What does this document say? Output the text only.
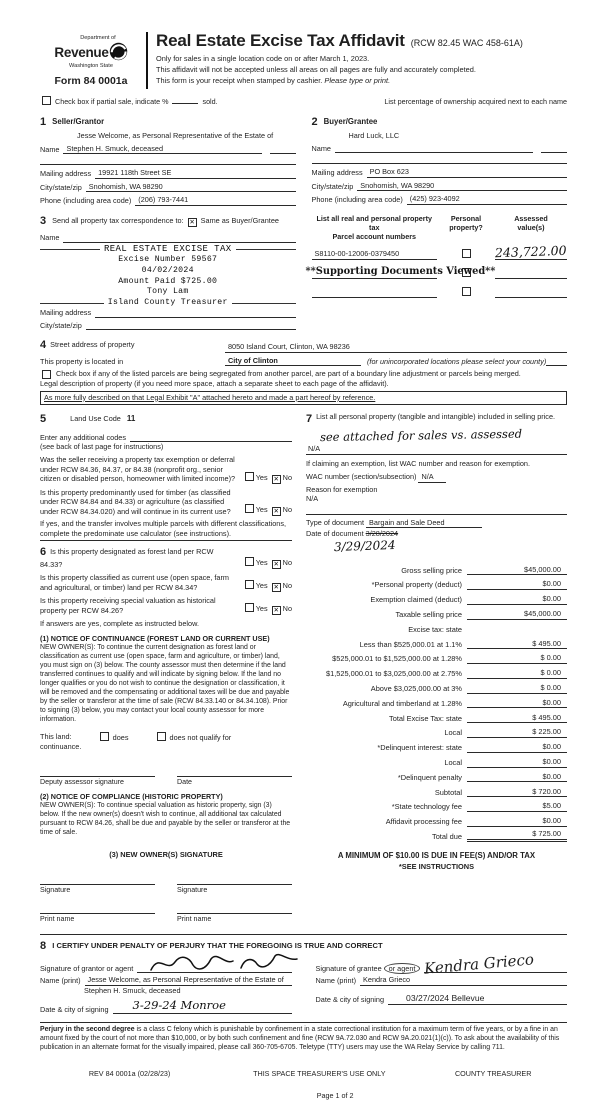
Department of
Revenue
Washington State
Form 84 0001a
Real Estate Excise Tax Affidavit (RCW 82.45 WAC 458-61A)
Only for sales in a single location code on or after March 1, 2023.
This affidavit will not be accepted unless all areas on all pages are fully and accurately completed.
This form is your receipt when stamped by cashier. Please type or print.
Check box if partial sale, indicate %	sold.	List percentage of ownership acquired next to each name
1 Seller/Grantor
Jesse Welcome, as Personal Representative of the Estate of
Name Stephen H. Smuck, deceased
Mailing address 19921 118th Street SE
City/state/zip Snohomish, WA 98290
Phone (including area code) (206) 793-7441
2 Buyer/Grantee
Hard Luck, LLC
Name
Mailing address PO Box 623
City/state/zip Snohomish, WA 98290
Phone (including area code) (425) 923-4092
3 Send all property tax correspondence to: ✕ Same as Buyer/Grantee
Name
REAL ESTATE EXCISE TAX
Excise Number 59567
04/02/2024
Amount Paid $725.00
Tony Lam
Island County Treasurer
Mailing address
City/state/zip
List all real and personal property tax
Parcel account numbers
Personal
property?
Assessed
value(s)
S8110-00-12006-0379450	243,722.00
**Supporting Documents Viewed**
4 Street address of property	8050 Island Court, Clinton, WA 98236
This property is located in	City of Clinton	(for unincorporated locations please select your county)
Check box if any of the listed parcels are being segregated from another parcel, are part of a boundary line adjustment or parcels being merged.
Legal description of property (if you need more space, attach a separate sheet to each page of the affidavit).
As more fully described on that Legal Exhibit "A" attached hereto and made a part hereof by reference.
5	Land Use Code 11
Enter any additional codes
(see back of last page for instructions)
Was the seller receiving a property tax exemption or deferral under RCW 84.36, 84.37, or 84.38 (nonprofit org., senior citizen or disabled person, homeowner with limited income)?	Yes ✕ No
Is this property predominantly used for timber (as classified under RCW 84.84 and 84.33) or agriculture (as classified under RCW 84.34.020) and will continue in its current use?	Yes ✕ No
If yes, and the transfer involves multiple parcels with different classifications, complete the predominate use calculator (see instructions).
6 Is this property designated as forest land per RCW 84.33?	Yes ✕ No
Is this property classified as current use (open space, farm and agricultural, or timber) land per RCW 84.34?	Yes ✕ No
Is this property receiving special valuation as historical property per RCW 84.26?	Yes ✕ No
If answers are yes, complete as instructed below.
(1) NOTICE OF CONTINUANCE (FOREST LAND OR CURRENT USE)
NEW OWNER(S): To continue the current designation as forest land or classification as current use (open space, farm and agriculture, or timber) land, you must sign on (3) below. The county assessor must then determine if the land transferred continues to qualify and will indicate by signing below. If the land no longer qualifies or you do not wish to continue the designation or classification, it will be removed and the compensating or additional taxes will be due and payable by the seller or transferor at the time of sale (RCW 84.33.140 or 84.34.108). Prior to signing (3) below, you may contact your local county assessor for more information.
This land:	does	does not qualify for
continuance.
Deputy assessor signature	Date
(2) NOTICE OF COMPLIANCE (HISTORIC PROPERTY)
NEW OWNER(S): To continue special valuation as historic property, sign (3) below. If the new owner(s) doesn't wish to continue, all additional tax calculated pursuant to RCW 84.26, shall be due and payable by the seller or transferor at the time of sale.
(3) NEW OWNER(S) SIGNATURE
Signature	Signature
Print name	Print name
7 List all personal property (tangible and intangible) included in selling price.
see attached for sales vs. assessed
N/A
If claiming an exemption, list WAC number and reason for exemption.
WAC number (section/subsection) N/A
Reason for exemption
N/A
Type of document Bargain and Sale Deed
Date of document 3/28/2024
3/29/2024
Gross selling price	$45,000.00
*Personal property (deduct)	$0.00
Exemption claimed (deduct)	$0.00
Taxable selling price	$45,000.00
Excise tax: state
Less than $525,000.01 at 1.1%	$ 495.00
$525,000.01 to $1,525,000.00 at 1.28%	$ 0.00
$1,525,000.01 to $3,025,000.00 at 2.75%	$ 0.00
Above $3,025,000.00 at 3%	$ 0.00
Agricultural and timberland at 1.28%	$0.00
Total Excise Tax: state	$ 495.00
Local	$ 225.00
*Delinquent interest: state	$0.00
Local	$0.00
*Delinquent penalty	$0.00
Subtotal	$ 720.00
*State technology fee	$5.00
Affidavit processing fee	$0.00
Total due	$ 725.00
A MINIMUM OF $10.00 IS DUE IN FEE(S) AND/OR TAX
*SEE INSTRUCTIONS
8 I CERTIFY UNDER PENALTY OF PERJURY THAT THE FOREGOING IS TRUE AND CORRECT
Signature of grantor or agent
Name (print) Jesse Welcome, as Personal Representative of the Estate of
Stephen H. Smuck, deceased
Date & city of signing	3-29-24 Monroe
Signature of grantee or agent Kendra Grieco
Name (print) Kendra Grieco
Date & city of signing	03/27/2024 Bellevue
Perjury in the second degree is a class C felony which is punishable by confinement in a state correctional institution for a maximum term of five years, or by a fine in an amount fixed by the court of not more than $10,000, or by both such confinement and fine (RCW 9A.72.030 and RCW 9A.20.021(1)(c)). To ask about the availability of this publication in an alternate format for the visually impaired, please call 360-705-6705. Teletype (TTY) users may use the WA Relay Service by calling 711.
REV 84 0001a (02/28/23)	THIS SPACE TREASURER'S USE ONLY	COUNTY TREASURER
Page 1 of 2
